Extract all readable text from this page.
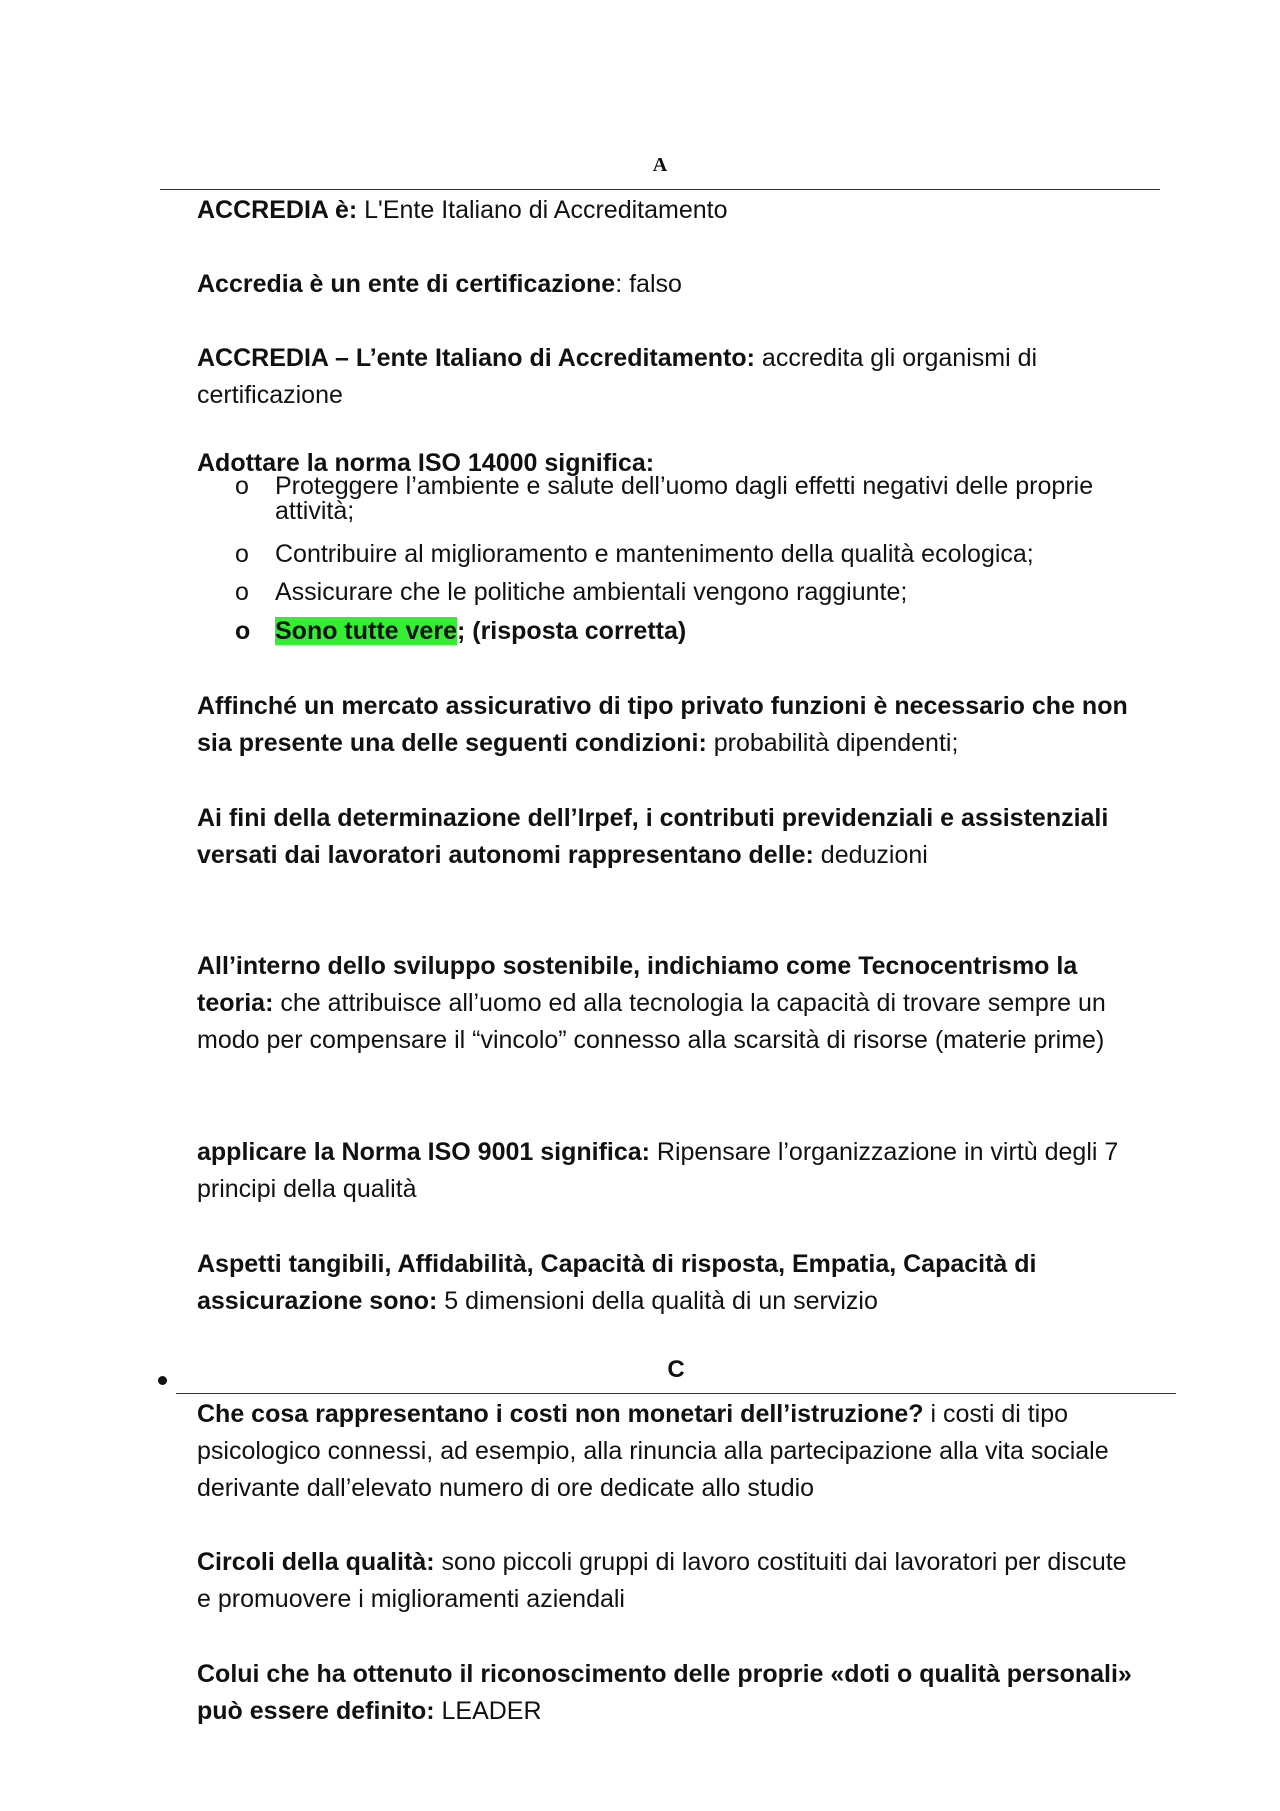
A
ACCREDIA è: L'Ente Italiano di Accreditamento
Accredia è un ente di certificazione: falso
ACCREDIA – L’ente Italiano di Accreditamento: accredita gli organismi di certificazione
Adottare la norma ISO 14000 significa:
o Proteggere l’ambiente e salute dell’uomo dagli effetti negativi delle proprie attività;
o Contribuire al miglioramento e mantenimento della qualità ecologica;
o Assicurare che le politiche ambientali vengono raggiunte;
o Sono tutte vere; (risposta corretta)
Affinché un mercato assicurativo di tipo privato funzioni è necessario che non sia presente una delle seguenti condizioni: probabilità dipendenti;
Ai fini della determinazione dell’Irpef, i contributi previdenziali e assistenziali versati dai lavoratori autonomi rappresentano delle: deduzioni
All’interno dello sviluppo sostenibile, indichiamo come Tecnocentrismo la teoria: che attribuisce all’uomo ed alla tecnologia la capacità di trovare sempre un modo per compensare il “vincolo” connesso alla scarsità di risorse (materie prime)
applicare la Norma ISO 9001 significa: Ripensare l’organizzazione in virtù degli 7 principi della qualità
Aspetti tangibili, Affidabilità, Capacità di risposta, Empatia, Capacità di assicurazione sono: 5 dimensioni della qualità di un servizio
C
Che cosa rappresentano i costi non monetari dell’istruzione? i costi di tipo psicologico connessi, ad esempio, alla rinuncia alla partecipazione alla vita sociale derivante dall’elevato numero di ore dedicate allo studio
Circoli della qualità: sono piccoli gruppi di lavoro costituiti dai lavoratori per discute e promuovere i miglioramenti aziendali
Colui che ha ottenuto il riconoscimento delle proprie «doti o qualità personali» può essere definito: LEADER
